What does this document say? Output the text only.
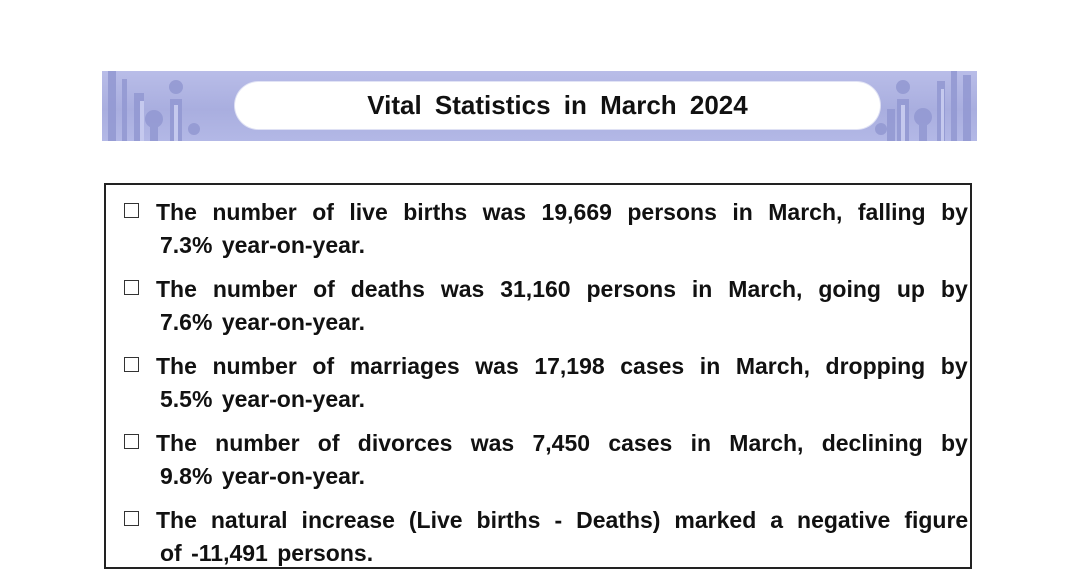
Vital Statistics in March 2024
The number of live births was 19,669 persons in March, falling by
7.3% year-on-year.
The number of deaths was 31,160 persons in March, going up by
7.6% year-on-year.
The number of marriages was 17,198 cases in March, dropping by
5.5% year-on-year.
The number of divorces was 7,450 cases in March, declining by
9.8% year-on-year.
The natural increase (Live births - Deaths) marked a negative figure
of -11,491 persons.
